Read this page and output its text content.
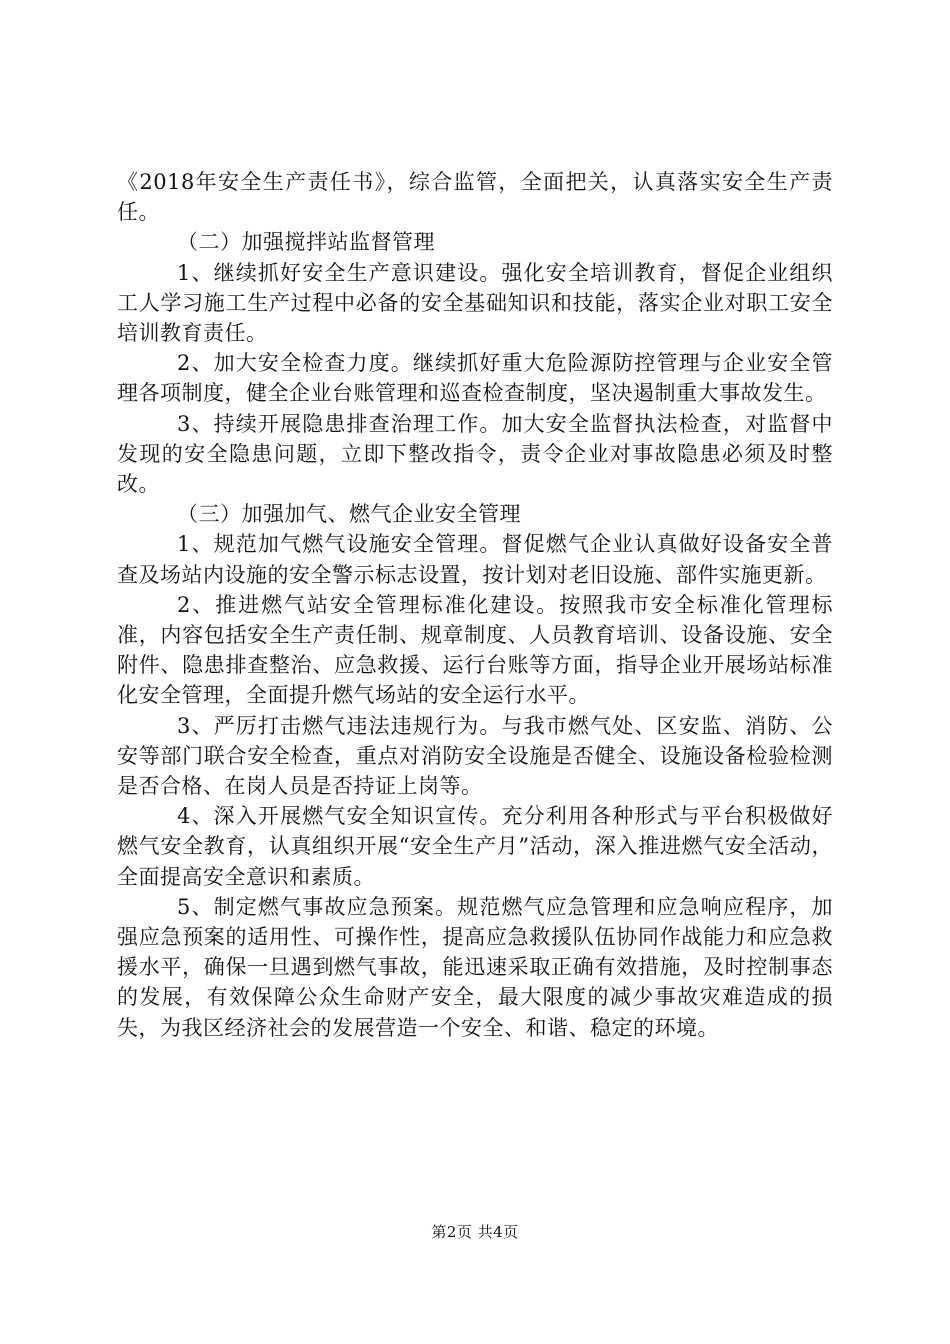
《2018年安全生产责任书》，综合监管，全面把关，认真落实安全生产责任。

（二）加强搅拌站监督管理

1、继续抓好安全生产意识建设。强化安全培训教育，督促企业组织工人学习施工生产过程中必备的安全基础知识和技能，落实企业对职工安全培训教育责任。

2、加大安全检查力度。继续抓好重大危险源防控管理与企业安全管理各项制度，健全企业台账管理和巡查检查制度，坚决遏制重大事故发生。

3、持续开展隐患排查治理工作。加大安全监督执法检查，对监督中发现的安全隐患问题，立即下整改指令，责令企业对事故隐患必须及时整改。

（三）加强加气、燃气企业安全管理

1、规范加气燃气设施安全管理。督促燃气企业认真做好设备安全普查及场站内设施的安全警示标志设置，按计划对老旧设施、部件实施更新。

2、推进燃气站安全管理标准化建设。按照我市安全标准化管理标准，内容包括安全生产责任制、规章制度、人员教育培训、设备设施、安全附件、隐患排查整治、应急救援、运行台账等方面，指导企业开展场站标准化安全管理，全面提升燃气场站的安全运行水平。

3、严厉打击燃气违法违规行为。与我市燃气处、区安监、消防、公安等部门联合安全检查，重点对消防安全设施是否健全、设施设备检验检测是否合格、在岗人员是否持证上岗等。

4、深入开展燃气安全知识宣传。充分利用各种形式与平台积极做好燃气安全教育，认真组织开展“安全生产月”活动，深入推进燃气安全活动，全面提高安全意识和素质。

5、制定燃气事故应急预案。规范燃气应急管理和应急响应程序，加强应急预案的适用性、可操作性，提高应急救援队伍协同作战能力和应急救援水平，确保一旦遇到燃气事故，能迅速采取正确有效措施，及时控制事态的发展，有效保障公众生命财产安全，最大限度的减少事故灾难造成的损失，为我区经济社会的发展营造一个安全、和谐、稳定的环境。

第2页 共4页
